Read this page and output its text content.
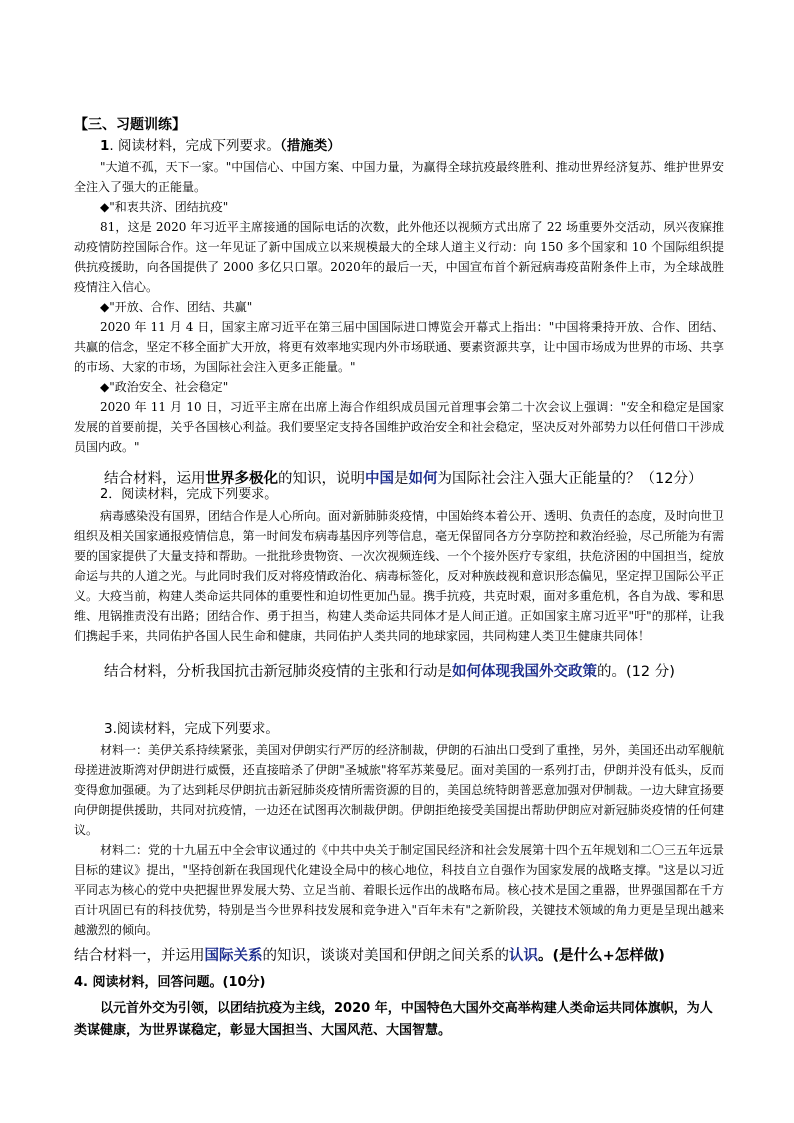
【三、习题训练】
1. 阅读材料，完成下列要求。（措施类）

"大道不孤，天下一家。"中国信心、中国方案、中国力量，为赢得全球抗疫最终胜利、推动世界经济复苏、维护世界安全注入了强大的正能量。

◆"和衷共济、团结抗疫"

81，这是 2020 年习近平主席接通的国际电话的次数，此外他还以视频方式出席了 22 场重要外交活动，夙兴夜寐推动疫情防控国际合作。这一年见证了新中国成立以来规模最大的全球人道主义行动：向 150 多个国家和 10 个国际组织提供抗疫援助，向各国提供了 2000 多亿只口罩。2020年的最后一天，中国宣布首个新冠病毒疫苗附条件上市，为全球战胜疫情注入信心。

◆"开放、合作、团结、共赢"

2020 年 11 月 4 日，国家主席习近平在第三届中国国际进口博览会开幕式上指出："中国将秉持开放、合作、团结、共赢的信念，坚定不移全面扩大开放，将更有效率地实现内外市场联通、要素资源共享，让中国市场成为世界的市场、共享的市场、大家的市场，为国际社会注入更多正能量。"

◆"政治安全、社会稳定"

2020 年 11 月 10 日，习近平主席在出席上海合作组织成员国元首理事会第二十次会议上强调："安全和稳定是国家发展的首要前提，关乎各国核心利益。我们要坚定支持各国维护政治安全和社会稳定，坚决反对外部势力以任何借口干涉成员国内政。"

结合材料，运用世界多极化的知识，说明中国是如何为国际社会注入强大正能量的？（12分）
2．阅读材料，完成下列要求。

病毒感染没有国界，团结合作是人心所向。面对新肺肺炎疫情，中国始终本着公开、透明、负责任的态度，及时向世卫组织及相关国家通报疫情信息，第一时间发布病毒基因序列等信息，毫无保留同各方分享防控和救治经验，尽己所能为有需要的国家提供了大量支持和帮助。一批批珍贵物资、一次次视频连线、一个个接外医疗专家组，扶危济困的中国担当，绽放命运与共的人道之光。与此同时我们反对将疫情政治化、病毒标签化，反对种族歧视和意识形态偏见，坚定捍卫国际公平正义。大疫当前，构建人类命运共同体的重要性和迫切性更加凸显。携手抗疫，共克时艰，面对多重危机，各自为战、零和思维、甩锅推责没有出路；团结合作、勇于担当，构建人类命运共同体才是人间正道。正如国家主席习近平"吁"的那样，让我们携起手来，共同佑护各国人民生命和健康，共同佑护人类共同的地球家园，共同构建人类卫生健康共同体！

结合材料，分析我国抗击新冠肺炎疫情的主张和行动是如何体现我国外交政策的。(12 分)
3.阅读材料，完成下列要求。

材料一：美伊关系持续紧张，美国对伊朗实行严厉的经济制裁，伊朗的石油出口受到了重挫，另外，美国还出动军舰航母搓进波斯湾对伊朗进行威慑，还直接暗杀了伊朗"圣城旅"将军苏莱曼尼。面对美国的一系列打击，伊朗并没有低头，反而变得愈加强硬。为了达到耗尽伊朗抗击新冠肺炎疫情所需资源的目的，美国总统特朗普恶意加强对伊制裁。一边大肆宣扬要向伊朗提供援助，共同对抗疫情，一边还在试图再次制裁伊朗。伊朗拒绝接受美国提出帮助伊朗应对新冠肺炎疫情的任何建议。

材料二：党的十九届五中全会审议通过的《中共中央关于制定国民经济和社会发展第十四个五年规划和二〇三五年远景目标的建议》提出，"坚持创新在我国现代化建设全局中的核心地位，科技自立自强作为国家发展的战略支撑。"这是以习近平同志为核心的党中央把握世界发展大势、立足当前、着眼长远作出的战略布局。核心技术是国之重器，世界强国都在千方百计巩固已有的科技优势，特别是当今世界科技发展和竞争进入"百年未有"之新阶段，关键技术领域的角力更是呈现出越来越激烈的倾向。

结合材料一，并运用国际关系的知识，谈谈对美国和伊朗之间关系的认识。(是什么+怎样做)
4. 阅读材料，回答问题。(10分)
以元首外交为引领，以团结抗疫为主线，2020 年，中国特色大国外交高举构建人类命运共同体旗帜，为人类谋健康，为世界谋稳定，彰显大国担当、大国风范、大国智慧。
